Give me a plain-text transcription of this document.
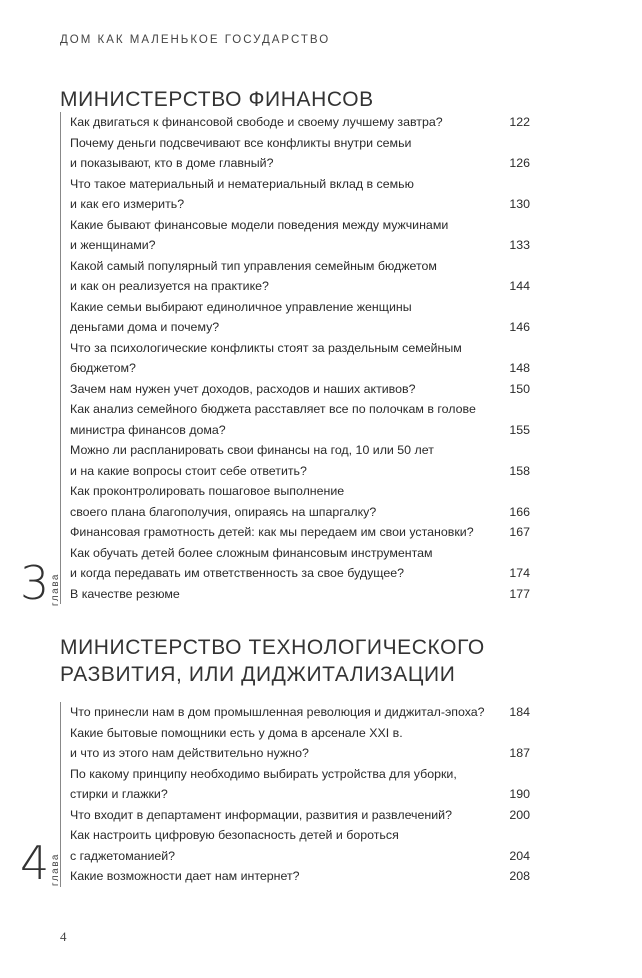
ДОМ КАК МАЛЕНЬКОЕ ГОСУДАРСТВО
МИНИСТЕРСТВО ФИНАНСОВ
Как двигаться к финансовой свободе и своему лучшему завтра?	122
Почему деньги подсвечивают все конфликты внутри семьи
и показывают, кто в доме главный?	126
Что такое материальный и нематериальный вклад в семью
и как его измерить?	130
Какие бывают финансовые модели поведения между мужчинами
и женщинами?	133
Какой самый популярный тип управления семейным бюджетом
и как он реализуется на практике?	144
Какие семьи выбирают единоличное управление женщины
деньгами дома и почему?	146
Что за психологические конфликты стоят за раздельным семейным
бюджетом?	148
Зачем нам нужен учет доходов, расходов и наших активов?	150
Как анализ семейного бюджета расставляет все по полочкам в голове
министра финансов дома?	155
Можно ли распланировать свои финансы на год, 10 или 50 лет
и на какие вопросы стоит себе ответить?	158
Как проконтролировать пошаговое выполнение
своего плана благополучия, опираясь на шпаргалку?	166
Финансовая грамотность детей: как мы передаем им свои установки?	167
Как обучать детей более сложным финансовым инструментам
и когда передавать им ответственность за свое будущее?	174
В качестве резюме	177
3 глава
МИНИСТЕРСТВО ТЕХНОЛОГИЧЕСКОГО
РАЗВИТИЯ, ИЛИ ДИДЖИТАЛИЗАЦИИ
Что принесли нам в дом промышленная революция и диджитал-эпоха?	184
Какие бытовые помощники есть у дома в арсенале XXI в.
и что из этого нам действительно нужно?	187
По какому принципу необходимо выбирать устройства для уборки,
стирки и глажки?	190
Что входит в департамент информации, развития и развлечений?	200
Как настроить цифровую безопасность детей и бороться
с гаджетоманией?	204
Какие возможности дает нам интернет?	208
4 глава
4
